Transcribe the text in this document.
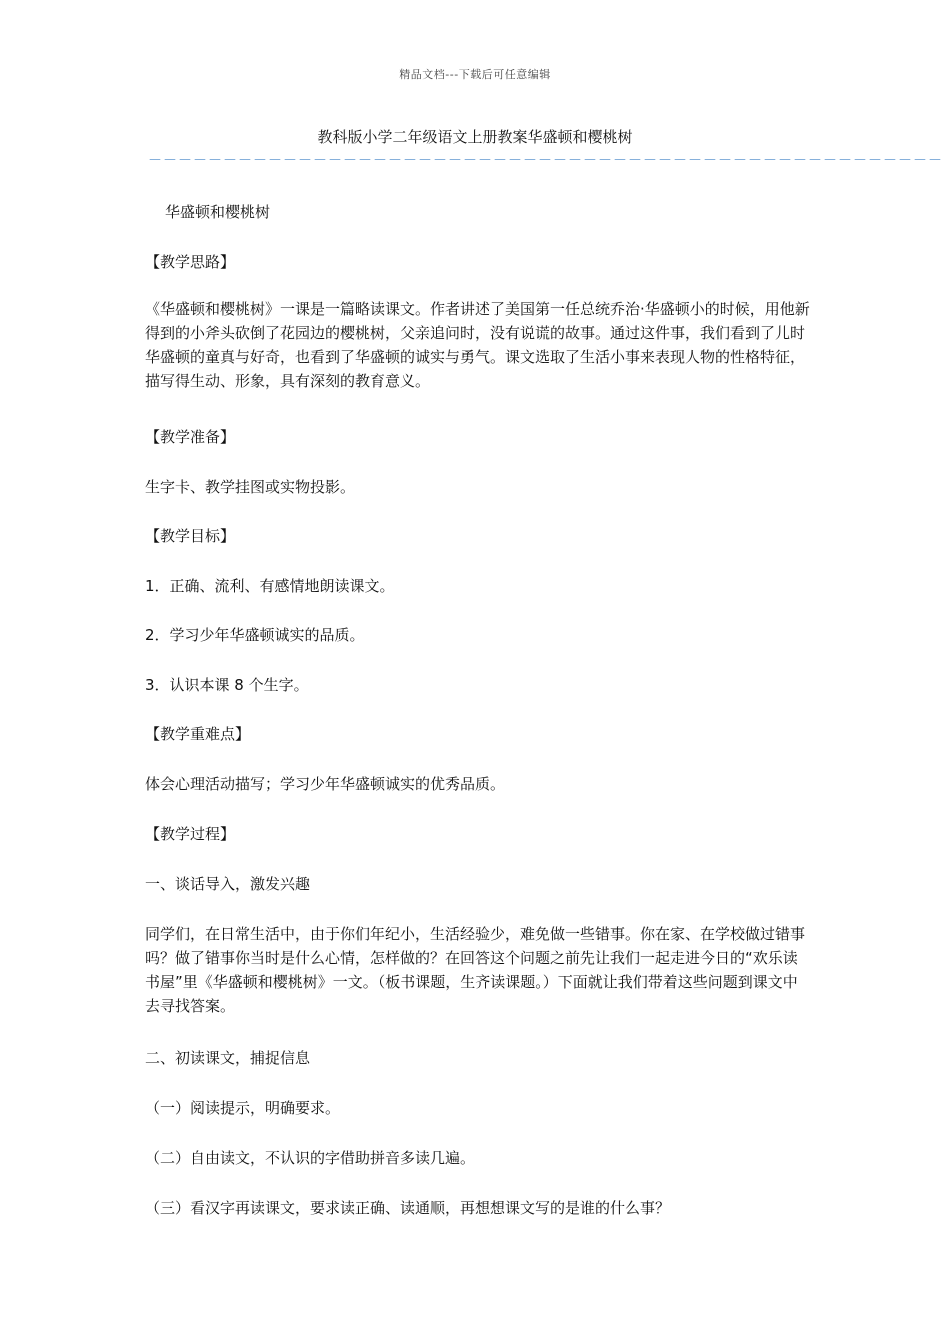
精品文档---下载后可任意编辑
教科版小学二年级语文上册教案华盛顿和樱桃树
－－－－－－－－－－－－－－－－－－－－－－－－－－－－－－－－－－－－－－－－－－－－－－－－－－－－－
华盛顿和樱桃树
【教学思路】

《华盛顿和樱桃树》一课是一篇略读课文。作者讲述了美国第一任总统乔治·华盛顿小的时候，用他新得到的小斧头砍倒了花园边的樱桃树，父亲追问时，没有说谎的故事。通过这件事，我们看到了儿时华盛顿的童真与好奇，也看到了华盛顿的诚实与勇气。课文选取了生活小事来表现人物的性格特征，描写得生动、形象，具有深刻的教育意义。

【教学准备】
生字卡、教学挂图或实物投影。
【教学目标】
1．正确、流利、有感情地朗读课文。
2．学习少年华盛顿诚实的品质。
3．认识本课 8 个生字。
【教学重难点】
体会心理活动描写；学习少年华盛顿诚实的优秀品质。
【教学过程】
一、谈话导入，激发兴趣

同学们，在日常生活中，由于你们年纪小，生活经验少，难免做一些错事。你在家、在学校做过错事吗？做了错事你当时是什么心情，怎样做的？在回答这个问题之前先让我们一起走进今日的“欢乐读书屋”里《华盛顿和樱桃树》一文。（板书课题，生齐读课题。）下面就让我们带着这些问题到课文中去寻找答案。

二、初读课文，捕捉信息
（一）阅读提示，明确要求。
（二）自由读文，不认识的字借助拼音多读几遍。
（三）看汉字再读课文，要求读正确、读通顺，再想想课文写的是谁的什么事？
